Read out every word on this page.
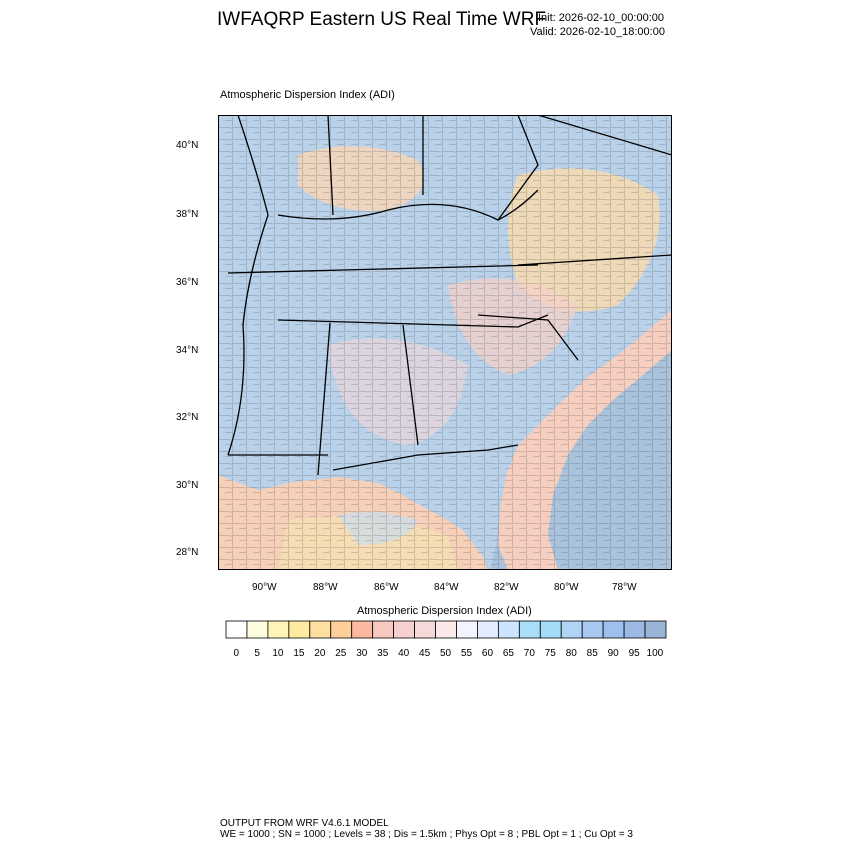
IWFAQRP Eastern US Real Time WRF
Init: 2026-02-10_00:00:00
Valid: 2026-02-10_18:00:00
Atmospheric Dispersion Index (ADI)
40°N
38°N
36°N
34°N
32°N
30°N
28°N
90°W	88°W	86°W	84°W	82°W	80°W	78°W
Atmospheric Dispersion Index (ADI)
0 5 10 15 20 25 30 35 40 45 50 55 60 65 70 75 80 85 90 95 100
OUTPUT FROM WRF V4.6.1 MODEL
WE = 1000 ; SN = 1000 ; Levels = 38 ; Dis = 1.5km ; Phys Opt = 8 ; PBL Opt = 1 ; Cu Opt = 3
